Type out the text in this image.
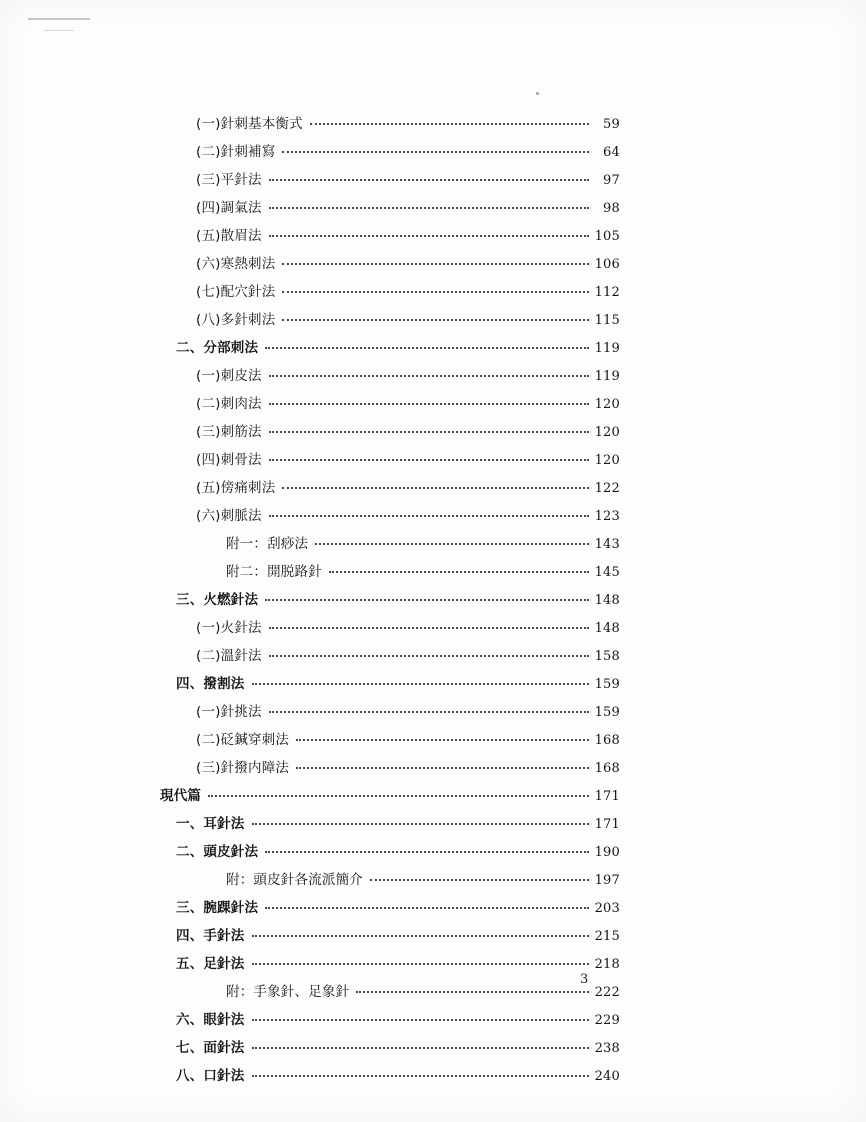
(一)針刺基本衡式	59
(二)針刺補寫	64
(三)平針法	97
(四)調氣法	98
(五)散眉法	105
(六)寒熱刺法	106
(七)配穴針法	112
(八)多針刺法	115
二、分部刺法	119
(一)刺皮法	119
(二)刺肉法	120
(三)刺筋法	120
(四)刺骨法	120
(五)傍痛刺法	122
(六)刺脈法	123
附一：刮痧法	143
附二：開脱路針	145
三、火燃針法	148
(一)火針法	148
(二)溫針法	158
四、撥割法	159
(一)針挑法	159
(二)砭鍼穿刺法	168
(三)針撥内障法	168
現代篇	171
一、耳針法	171
二、頭皮針法	190
附：頭皮針各流派簡介	197
三、腕踝針法	203
四、手針法	215
五、足針法	218
附：手象針、足象針	222
六、眼針法	229
七、面針法	238
八、口針法	240
3
